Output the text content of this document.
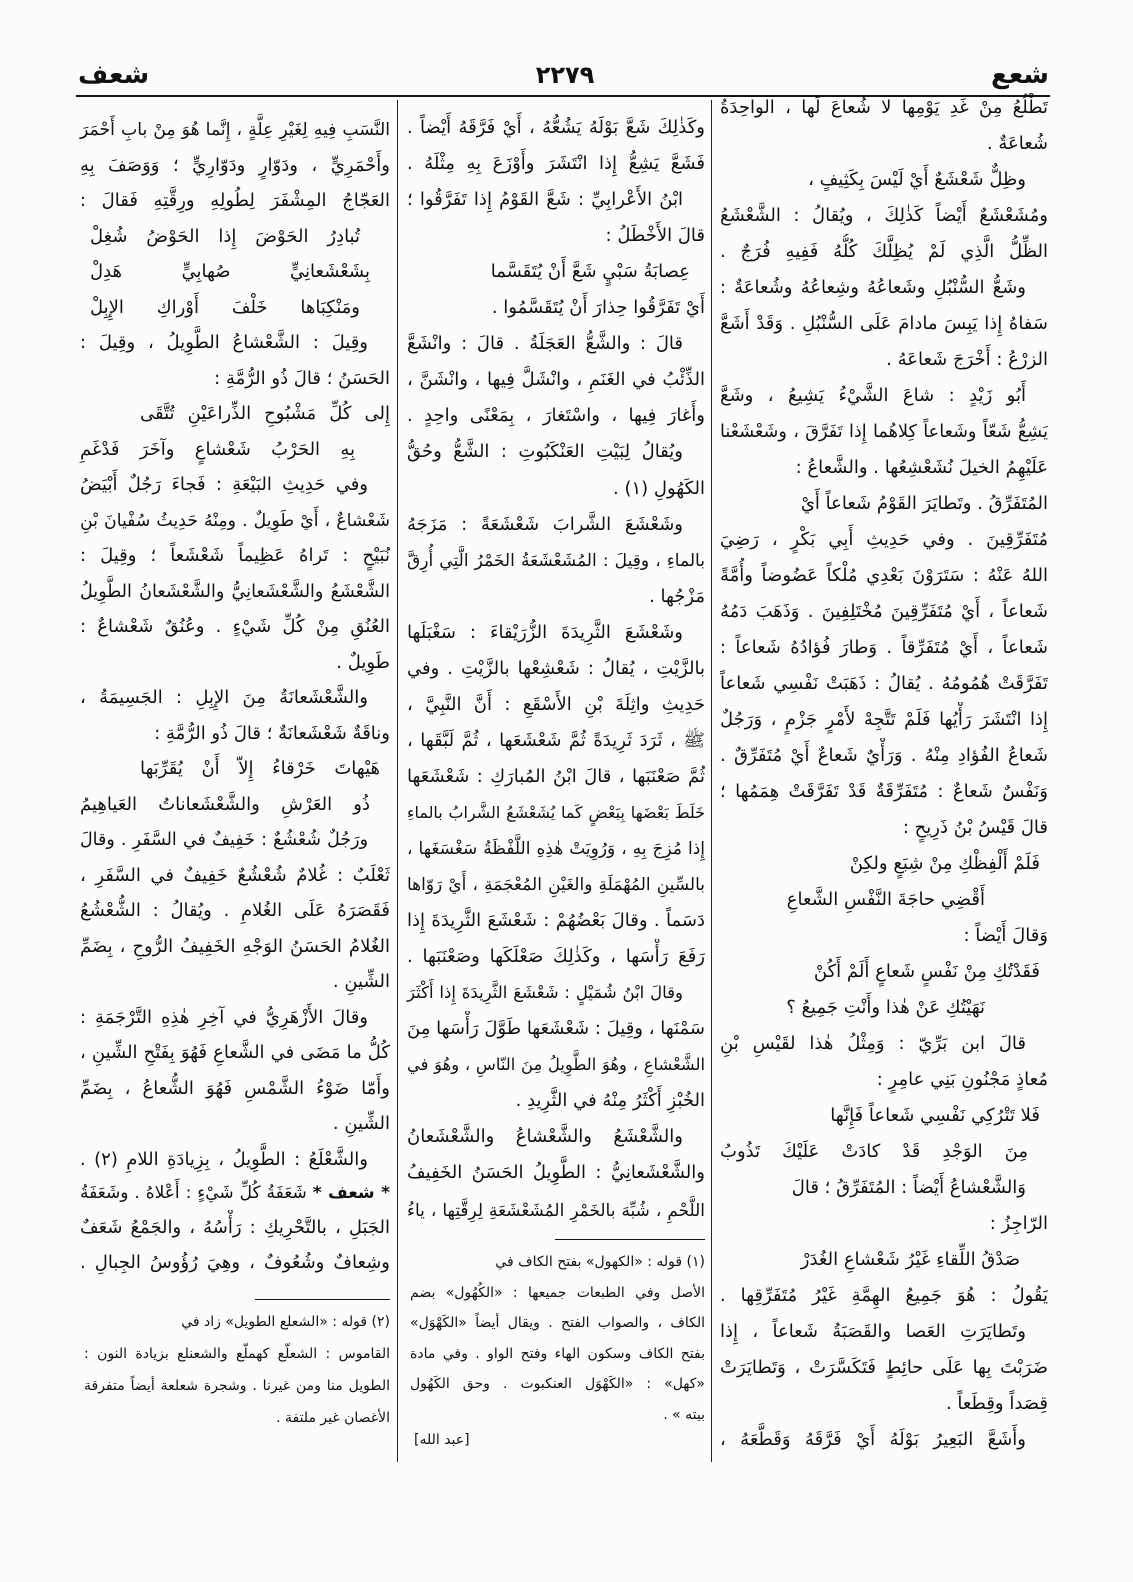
شعع
٢٢٧٩
شعف
[عبد الله]
تَطْلُعُ مِنْ غَدِ يَوْمِها لا شُعاعَ لَها ، الواحِدَةُ
شُعاعَةٌ .
وظِلٌّ شَعْشَعٌ أَيْ لَيْسَ بِكَثِيفٍ ،
ومُشَعْشَعٌ أَيْضاً كَذٰلِكَ ، ويُقالُ : الشَّعْشَعُ
الظِّلُّ الَّذِي لَمْ يُظِلَّكَ كُلُّهُ فَفِيهِ فُرَجٌ .
وشَعُّ السُّنْبُلِ وشَعاعُهُ وشِعاعُهُ وشُعاعَةٌ :
سَفاهُ إِذا يَبِسَ مادامَ عَلَى السُّنْبُلِ . وَقَدْ أَشَعَّ
الزرْعُ : أَخْرَجَ شَعاعَهُ .
أَبُو زَيْدٍ : شاعَ الشَّيْءُ يَشِيعُ ، وشَعَّ
يَشِعُّ شَعّاً وشَعاعاً كِلاهُما إِذا تَفَرَّقَ ، وشَعْشَعْنا
عَلَيْهِمُ الخيلَ نُشَعْشِعُها . والشَّعاعُ :
المُتَفَرِّقُ . وتَطايَرَ القَوْمُ شَعاعاً أَيْ
مُتَفَرِّقِينَ . وفي حَدِيثِ أَبِي بَكْرٍ ، رَضِيَ
اللهُ عَنْهُ : سَتَرَوْنَ بَعْدِي مُلْكاً عَضُوضاً وأُمَّةً
شَعاعاً ، أَيْ مُتَفَرِّقِينَ مُخْتَلِفِينَ . وَذَهَبَ دَمُهُ
شَعاعاً ، أَيْ مُتَفَرِّقاً . وَطارَ فُؤادُهُ شَعاعاً :
تَفَرَّقَتْ هُمُومُهُ . يُقالُ : ذَهَبَتْ نَفْسِي شَعاعاً
إِذا انْتَشَرَ رَأْيُها فَلَمْ تَتَّجِهْ لأَمْرٍ جَزْمٍ ، وَرَجُلٌ
شَعاعُ الفُؤادِ مِنْهُ . وَرَأْيٌ شَعاعٌ أَيْ مُتَفَرِّقٌ .
وَنَفْسٌ شَعاعٌ : مُتَفَرِّقَةٌ قَدْ تَفَرَّقَتْ هِمَمُها ؛
قالَ قَيْسُ بْنُ ذَرِيحٍ :
فَلَمْ أَلْفِظْكِ مِنْ شِبَعٍ ولكِنْ
أَقْضِي حاجَةَ النَّفْسِ الشَّعاعِ
وَقالَ أَيْضاً :
فَقَدْتُكِ مِنْ نَفْسٍ شَعاعٍ أَلَمْ أَكُنْ
نَهَيْتُكِ عَنْ هٰذا وأَنْتِ جَمِيعُ ؟
قالَ ابن بَرِّيّ : وَمِثْلُ هٰذا لقَيْسِ بْنِ
مُعاذٍ مَجْنُونِ بَنِي عامِرٍ :
فَلا تَتْرُكِي نَفْسِي شَعاعاً فَإِنَّها
مِنَ الوَجْدِ قَدْ كادَتْ عَلَيْكَ تَذُوبُ
وَالشَّعْشاعُ أَيْضاً : المُتَفَرِّقُ ؛ قالَ
الرّاجِزُ :
صَدْقُ اللِّقاءِ غَيْرُ شَعْشاعِ الغُدَرْ
يَقُولُ : هُوَ جَمِيعُ الهِمَّةِ غَيْرُ مُتَفَرِّقِها .
وتَطايَرَتِ العَصا والقَصَبَةُ شَعاعاً ، إِذا
ضَرَبْتَ بِها عَلَى حائِطٍ فَتَكَسَّرَتْ ، وَتَطايَرَتْ
قِصَداً وقِطَعاً .
وأَشَعَّ البَعِيرُ بَوْلَهُ أَيْ فَرَّقَهُ وَقَطَّعَهُ ،
وكَذٰلِكَ شَعَّ بَوْلَهُ يَشُعُّهُ ، أَيْ فَرَّقَهُ أَيْضاً .
فَشَعَّ يَشِعُّ إِذا انْتَشَرَ وأَوْزَعَ بِهِ مِثْلَهُ .
ابْنُ الأَعْرابِيِّ : شَعَّ القَوْمُ إِذا تَفَرَّقُوا ؛
قالَ الأَخْطَلُ :
عِصابَةُ سَبْيٍ شَعَّ أَنْ يُتَقَسَّما
أَيْ تَفَرَّقُوا حِذارَ أَنْ يُتَقَسَّمُوا .
قالَ : والشَّعُّ العَجَلَةُ . قالَ : وانْشَعَّ
الذِّئْبُ في الغَنَمِ ، وانْشَلَّ فِيها ، وانْشَنَّ ،
وأَغارَ فِيها ، واسْتَغارَ ، بِمَعْنًى واحِدٍ .
ويُقالُ لِبَيْتِ العَنْكَبُوتِ : الشَّعُّ وحُقُّ
الكَهُولِ (١) .
وشَعْشَعَ الشَّرابَ شَعْشَعَةً : مَزَجَهُ
بالماءِ ، وقِيلَ : المُشَعْشَعَةُ الخَمْرُ الَّتِي أُرِقَّ
مَزْجُها .
وشَعْشَعَ الثَّرِيدَةَ الزُّرَيْقاءَ : سَغْبَلَها
بالزَّيْتِ ، يُقالُ : شَعْشِعْها بالزَّيْتِ . وفي
حَدِيثِ واثِلَةَ بْنِ الأَسْقَعِ : أَنَّ النَّبِيَّ ،
ﷺ ، ثَرَدَ ثَرِيدَةً ثُمَّ شَعْشَعَها ، ثُمَّ لَبَّقَها ،
ثُمَّ صَعْنَبَها ، قالَ ابْنُ المُبارَكِ : شَعْشَعَها
خَلَطَ بَعْضَها بِبَعْضٍ كَما يُشَعْشَعُ الشَّرابُ بالماءِ
إِذا مُزِجَ بِهِ ، وَرُوِيَتْ هٰذِهِ اللَّفْظَةُ سَغْسَغَها ،
بالسِّينِ المُهْمَلَةِ والغَيْنِ المُعْجَمَةِ ، أَيْ رَوّاها
دَسَماً . وقالَ بَعْضُهُمْ : شَعْشَعَ الثَّرِيدَةَ إِذا
رَفَعَ رَأْسَها ، وكَذٰلِكَ صَعْلَكَها وصَعْنَبَها .
وقالَ ابْنُ شُمَيْلٍ : شَعْشَعَ الثَّرِيدَةَ إِذا أَكْثَرَ
سَمْنَها ، وقِيلَ : شَعْشَعَها طَوَّلَ رَأْسَها مِنَ
الشَّعْشاعِ ، وهُوَ الطَّوِيلُ مِنَ النّاسِ ، وهُوَ في
الخُبْزِ أَكْثَرُ مِنْهُ في الثَّرِيدِ .
والشَّعْشَعُ والشَّعْشاعُ والشَّعْشَعانُ
والشَّعْشَعانِيُّ : الطَّوِيلُ الحَسَنُ الخَفِيفُ
اللَّحْمِ ، شُبِّهَ بالخَمْرِ المُشَعْشَعَةِ لِرِقَّتِها ، ياءُ
النَّسَبِ فِيهِ لِغَيْرِ عِلَّةٍ ، إِنَّما هُوَ مِنْ بابِ أَحْمَرَ
وأَحْمَرِيٍّ ، ودَوّارٍ ودَوّارِيٍّ ؛ وَوَصَفَ بِهِ
العَجّاجُ المِشْفَرَ لِطُولِهِ ورِقَّتِهِ فَقالَ :
تُبادِرُ الحَوْضَ إِذا الحَوْضُ شُغِلْ
بِشَعْشَعانِيٍّ صُهابِيٍّ هَدِلْ
ومَنْكِبَاها خَلْفَ أَوْراكِ الإِبِلْ
وقِيلَ : الشَّعْشاعُ الطَّوِيلُ ، وقِيلَ :
الحَسَنُ ؛ قالَ ذُو الرُّمَّةِ :
إِلى كُلِّ مَشْبُوحِ الذِّراعَيْنِ تُتَّقَى
بِهِ الحَرْبُ شَعْشاعٍ وآخَرَ فَدْغَمِ
وفي حَدِيثِ البَيْعَةِ : فَجاءَ رَجُلٌ أَبْيَضُ
شَعْشاعٌ ، أَيْ طَوِيلٌ . ومِنْهُ حَدِيثُ سُفْيانَ بْنِ
نُبَيْحٍ : تَراهُ عَظِيماً شَعْشَعاً ؛ وقِيلَ :
الشَّعْشَعُ والشَّعْشَعانِيُّ والشَّعْشَعانُ الطَّوِيلُ
العُنُقِ مِنْ كُلِّ شَيْءٍ . وعُنُقٌ شَعْشاعٌ :
طَوِيلٌ .
والشَّعْشَعانَةُ مِنَ الإِبِلِ : الجَسِيمَةُ ،
وناقَةٌ شَعْشَعانَةٌ ؛ قالَ ذُو الرُّمَّةِ :
هَيْهاتَ خَرْقاءُ إِلاّ أَنْ يُقَرِّبَها
ذُو العَرْشِ والشَّعْشَعاناتُ العَياهِيمُ
ورَجُلٌ شُعْشُعٌ : خَفِيفٌ في السَّفَرِ . وقالَ
ثَعْلَبٌ : غُلامٌ شُعْشُعٌ خَفِيفٌ في السَّفَرِ ،
فَقَصَرَهُ عَلَى الغُلامِ . ويُقالُ : الشُّعْشُعُ
الغُلامُ الحَسَنُ الوَجْهِ الخَفِيفُ الرُّوحِ ، بِضَمِّ
الشِّينِ .
وقالَ الأَزْهَرِيُّ في آخِرِ هٰذِهِ التَّرْجَمَةِ :
كُلُّ ما مَضَى في الشَّعاعِ فَهُوَ بِفَتْحِ الشِّينِ ،
وأَمّا ضَوْءُ الشَّمْسِ فَهُوَ الشُّعاعُ ، بِضَمِّ
الشِّينِ .
والشَّعْلَعُ : الطَّوِيلُ ، بِزِيادَةِ اللامِ (٢) .
* شعف * شَعَفَةُ كُلِّ شَيْءٍ : أَعْلاهُ . وشَعَفَةُ
الجَبَلِ ، بالتَّحْرِيكِ : رَأْسُهُ ، والجَمْعُ شَعَفٌ
وشِعافٌ وشُعُوفٌ ، وهِيَ رُؤُوسُ الجِبالِ .	(١) قوله : «الكهول» بفتح الكاف في
الأصل وفي الطبعات جميعها : «الكُهُول» بضم
الكاف ، والصواب الفتح . ويقال أيضاً «الكَهْوَل»
بفتح الكاف وسكون الهاء وفتح الواو . وفي مادة
«كهل» : «الكَهْوَل العنكبوت . وحق الكَهُول
بيته » .
(٢) قوله : «الشعلع الطويل» زاد في
القاموس : الشعلّع كهملّع والشعنلع بزيادة النون :
الطويل منا ومن غيرنا . وشجرة شعلعة أيضاً متفرقة
الأغصان غير ملتفة .
